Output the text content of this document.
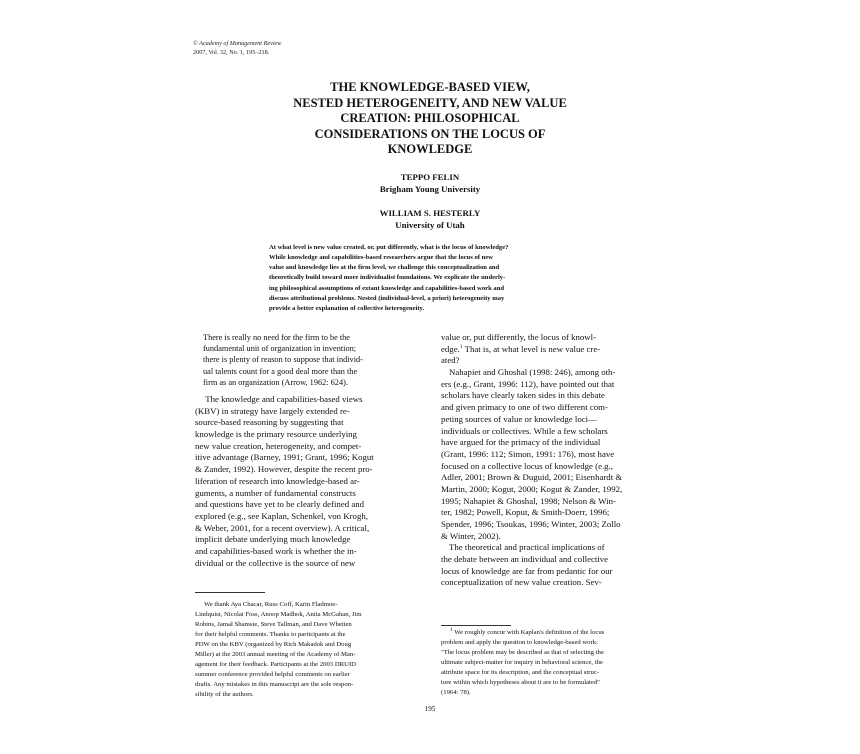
© Academy of Management Review
2007, Vol. 32, No. 1, 195–218.
THE KNOWLEDGE-BASED VIEW,
NESTED HETEROGENEITY, AND NEW VALUE
CREATION: PHILOSOPHICAL
CONSIDERATIONS ON THE LOCUS OF
KNOWLEDGE
TEPPO FELIN
Brigham Young University
WILLIAM S. HESTERLY
University of Utah
At what level is new value created, or, put differently, what is the locus of knowledge?
While knowledge and capabilities-based researchers argue that the locus of new
value and knowledge lies at the firm level, we challenge this conceptualization and
theoretically build toward more individualist foundations. We explicate the underly-
ing philosophical assumptions of extant knowledge and capabilities-based work and
discuss attributional problems. Nested (individual-level, a priori) heterogeneity may
provide a better explanation of collective heterogeneity.

There is really no need for the firm to be the
fundamental unit of organization in invention;
there is plenty of reason to suppose that individ-
ual talents count for a good deal more than the
firm as an organization (Arrow, 1962: 624).

The knowledge and capabilities-based views
(KBV) in strategy have largely extended re-
source-based reasoning by suggesting that
knowledge is the primary resource underlying
new value creation, heterogeneity, and compet-
itive advantage (Barney, 1991; Grant, 1996; Kogut
& Zander, 1992). However, despite the recent pro-
liferation of research into knowledge-based ar-
guments, a number of fundamental constructs
and questions have yet to be clearly defined and
explored (e.g., see Kaplan, Schenkel, von Krogh,
& Weber, 2001, for a recent overview). A critical,
implicit debate underlying much knowledge
and capabilities-based work is whether the in-
dividual or the collective is the source of new

value or, put differently, the locus of knowl-
edge.$^1$ That is, at what level is new value cre-
ated?

Nahapiet and Ghoshal (1998: 246), among oth-
ers (e.g., Grant, 1996: 112), have pointed out that
scholars have clearly taken sides in this debate
and given primacy to one of two different com-
peting sources of value or knowledge loci—
individuals or collectives. While a few scholars
have argued for the primacy of the individual
(Grant, 1996: 112; Simon, 1991: 176), most have
focused on a collective locus of knowledge (e.g.,
Adler, 2001; Brown & Duguid, 2001; Eisenhardt &
Martin, 2000; Kogut, 2000; Kogut & Zander, 1992,
1995; Nahapiet & Ghoshal, 1998; Nelson & Win-
ter, 1982; Powell, Koput, & Smith-Doerr, 1996;
Spender, 1996; Tsoukas, 1996; Winter, 2003; Zollo
& Winter, 2002).

The theoretical and practical implications of
the debate between an individual and collective
locus of knowledge are far from pedantic for our
conceptualization of new value creation. Sev-

We thank Aya Chacar, Russ Coff, Karin Fladmoe-
Lindquist, Nicolai Foss, Anoop Madhok, Anita McGahan, Jim
Robins, Jamal Shamsie, Steve Tallman, and Dave Whetten
for their helpful comments. Thanks to participants at the
PDW on the KBV (organized by Rich Makadok and Doug
Miller) at the 2003 annual meeting of the Academy of Man-
agement for their feedback. Participants at the 2003 DRUID
summer conference provided helpful comments on earlier
drafts. Any mistakes in this manuscript are the sole respon-
sibility of the authors.
$^1$ We roughly concur with Kaplan's definition of the locus
problem and apply the question to knowledge-based work:
"The locus problem may be described as that of selecting the
ultimate subject-matter for inquiry in behavioral science, the
attribute space for its description, and the conceptual struc-
ture within which hypotheses about it are to be formulated"
(1964: 78).
195
